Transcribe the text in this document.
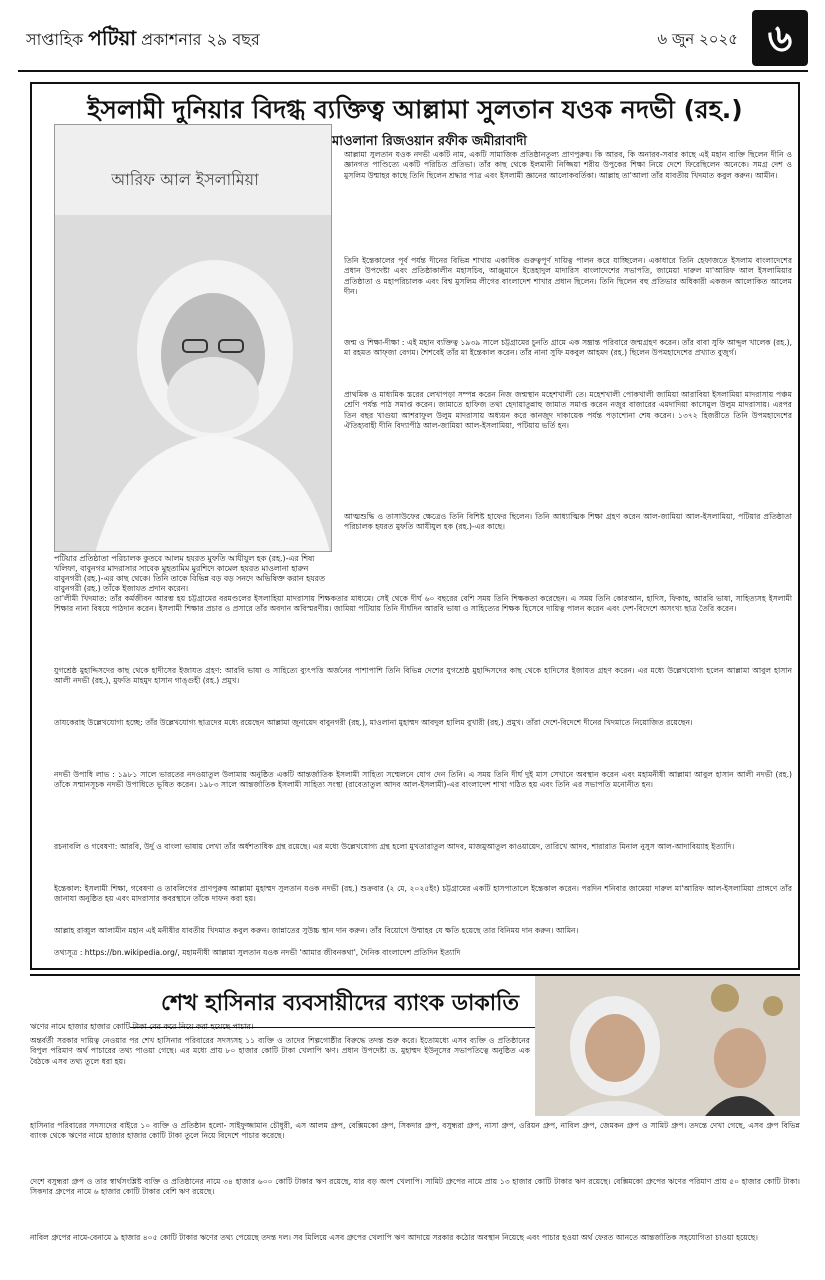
সাপ্তাহিক পটিয়া প্রকাশনার ২৯ বছর	৬ জুন ২০২৫ ৬
ইসলামী দুনিয়ার বিদগ্ধ ব্যক্তিত্ব আল্লামা সুলতান যওক নদভী (রহ.)
আরিফ আল ইসলামিয়া
মাওলানা রিজওয়ান রফীক জমীরাবাদী
আল্লামা সুলতান যওক নদভী একটি নাম, একটি সামাজিক প্রতিষ্ঠানতুল্য প্রাণপুরুষ। কি আরব, কি অনারব-সবার কাছে এই মহান ব্যক্তি ছিলেন দীনি ও জ্ঞানগত পাণ্ডিত্যে একটি পরিচিত প্রতিভা। তাঁর কাছ থেকে ইলমানী নিজ্জিয়া শরীয় উপুকের শিক্ষা নিয়ে দেশে ফিরেছিলেন অনেকে। সমগ্র দেশ ও মুসলিম উম্মাহর কাছে তিনি ছিলেন শ্রদ্ধার পাত্র এবং ইসলামী জ্ঞানের আলোকবর্তিকা। আল্লাহ তা'আলা তাঁর যাবতীয় খিদমাত কবুল করুন। আমীন।
তিনি ইন্তেকালের পূর্ব পর্যন্ত দীনের বিভিন্ন শাখায় একাধিক গুরুত্বপূর্ণ দায়িত্ব পালন করে যাচ্ছিলেন। একাধারে তিনি হেফাজতে ইসলাম বাংলাদেশের প্রধান উপদেষ্টা এবং প্রতিষ্ঠাকালীন মহাসচিব, আঞ্জুমানে ইত্তেহাদুল মাদারিস বাংলাদেশের সভাপতি, জামেয়া দারুল মা'আরিফ আল ইসলামিয়ার প্রতিষ্ঠাতা ও মহাপরিচালক এবং বিশ্ব মুসলিম লীগের বাংলাদেশ শাখার প্রধান ছিলেন। তিনি ছিলেন বহু প্রতিভার অধিকারী একজন আলোকিত আলেম দীন।
জন্ম ও শিক্ষা-দীক্ষা : এই মহান ব্যক্তিত্ব ১৯৩৯ সালে চট্টগ্রামের চুনতি গ্রামে এক সম্ভ্রান্ত পরিবারে জন্মগ্রহণ করেন। তাঁর বাবা সুফি আব্দুল খালেক (রহ.), মা রহমত আফ্‌জা বেগম। শৈশবেই তাঁর মা ইন্তেকাল করেন। তাঁর নানা সুফি মকবুল আহমদ (রহ.) ছিলেন উপমহাদেশের প্রখ্যাত বুজুর্গ।
প্রাথমিক ও মাধ্যমিক স্তরের লেখাপড়া সম্পন্ন করেন নিজ জন্মস্থান মহেশখালী তে। মহেশখালী পোকখালী জামিয়া আরাবিয়া ইসলামিয়া মাদরাসায় পঞ্চম শ্রেণি পর্যন্ত পাঠ সমাপ্ত করেন। জামাতে হাফিজ তথা হেদায়াতুন্নাহু জামাত সমাপ্ত করেন নজুর বাজারের এমদাদিয়া কাসেমুল উলুম মাদরাসায়। এরপর তিন বছর খাগুয়া আশরাফুল উলুম মাদরাসায় অধ্যয়ন করে কানজুদ দাকায়েক পর্যন্ত পড়াশোনা শেষ করেন। ১৩৭২ হিজরীতে তিনি উপমহাদেশের ঐতিহ্যবাহী দীনি বিদ্যাপীঠ আল-জামিয়া আল-ইসলামিয়া, পটিয়ায় ভর্তি হন।
আত্মশুদ্ধি ও তাসাউফের ক্ষেত্রেও তিনি বিশিষ্ট হাফের ছিলেন। তিনি আধ্যাত্মিক শিক্ষা গ্রহণ করেন আল-জামিয়া আল-ইসলামিয়া, পটিয়ার প্রতিষ্ঠাতা পরিচালক হযরত মুফতি আযীযুল হক (রহ.)-এর কাছে।
পটিয়ার প্রতিষ্ঠাতা পরিচালক কুতবে আলম হযরত মুফতি আযীযুল হক (রহ.)-এর শিষ্য খলিফা, বাবুনগর মাদরাসার সাবেক মুহতামিম মুরশিদে কামেল হযরত মাওলানা হারুন বাবুনগরী (রহ.)-এর কাছ থেকে। তিনি তাকে বিভিন্ন বড় বড় সনদে অভিষিক্ত করান হযরত বাবুনগরী (রহ.) তাঁকে ইজাযত প্রদান করেন।
তা'লীমী খিদমাত: তাঁর কর্মজীবন আরম্ভ হয় চট্টগ্রামের বরমণ্ডলের ইসলাহিয়া মাদরাসায় শিক্ষকতার মাধ্যমে। সেই থেকে দীর্ঘ ৬০ বছরের বেশি সময় তিনি শিক্ষকতা করেছেন। এ সময় তিনি কোরআন, হাদিস, ফিকাহ, আরবি ভাষা, সাহিত্যসহ ইসলামী শিক্ষার নানা বিষয়ে পাঠদান করেন। ইসলামী শিক্ষার প্রচার ও প্রসারে তাঁর অবদান অবিস্মরণীয়। জামিয়া পটিয়ায় তিনি দীর্ঘদিন আরবি ভাষা ও সাহিত্যের শিক্ষক হিসেবে দায়িত্ব পালন করেন এবং দেশ-বিদেশে অসংখ্য ছাত্র তৈরি করেন।
যুগশ্রেষ্ঠ মুহাদ্দিসদের কাছ থেকে হাদীসের ইজাযত গ্রহণ: আরবি ভাষা ও সাহিত্যে ব্যুৎপত্তি অর্জনের পাশাপাশি তিনি বিভিন্ন দেশের যুগশ্রেষ্ঠ মুহাদ্দিসদের কাছ থেকে হাদিসের ইজাযত গ্রহণ করেন। এর মধ্যে উল্লেখযোগ্য হলেন আল্লামা আবুল হাসান আলী নদভী (রহ.), মুফতি মাহমুদ হাসান গাঙ্গুহী (রহ.) প্রমুখ।
তাযকেরাহ উল্লেখযোগ্য হচ্ছে: তাঁর উল্লেখযোগ্য ছাত্রদের মধ্যে রয়েছেন আল্লামা জুনায়েদ বাবুনগরী (রহ.), মাওলানা মুহাম্মদ আবদুল হালিম বুখারী (রহ.) প্রমুখ। তাঁরা দেশে-বিদেশে দীনের খিদমাতে নিয়োজিত রয়েছেন।
নদভী উপাধি লাভ : ১৯৮১ সালে ভারতের নদওয়াতুল উলামায় অনুষ্ঠিত একটি আন্তর্জাতিক ইসলামী সাহিত্য সম্মেলনে যোগ দেন তিনি। এ সময় তিনি দীর্ঘ দুই মাস সেখানে অবস্থান করেন এবং মহামনীষী আল্লামা আবুল হাসান আলী নদভী (রহ.) তাঁকে সম্মানসূচক নদভী উপাধিতে ভূষিত করেন। ১৯৮৩ সালে আন্তর্জাতিক ইসলামী সাহিত্য সংস্থা (রাবেতাতুল আদব আল-ইসলামী)-এর বাংলাদেশ শাখা গঠিত হয় এবং তিনি এর সভাপতি মনোনীত হন।
রচনাবলি ও গবেষণা: আরবি, উর্দু ও বাংলা ভাষায় লেখা তাঁর অর্ধশতাধিক গ্রন্থ রয়েছে। এর মধ্যে উল্লেখযোগ্য গ্রন্থ হলো মুখতারাতুল আদব, মাজমুআতুল কাওয়ায়েদ, তারিখে আদব, শারারাত মিনাল নুসুস আল-আদাবিয়্যাহ ইত্যাদি।
ইন্তেকাল: ইসলামী শিক্ষা, গবেষণা ও তাবলিগের প্রাণপুরুষ আল্লামা মুহাম্মদ সুলতান যওক নদভী (রহ.) শুক্রবার (২ মে, ২০২৫ইং) চট্টগ্রামের একটি হাসপাতালে ইন্তেকাল করেন। পরদিন শনিবার জামেয়া দারুল মা'আরিফ আল-ইসলামিয়া প্রাঙ্গণে তাঁর জানাযা অনুষ্ঠিত হয় এবং মাদরাসার কবরস্থানে তাঁকে দাফন করা হয়।
আল্লাহ রাব্বুল আলামীন মহান এই মনীষীর যাবতীয় খিদমাত কবুল করুন। জান্নাতের সুউচ্চ স্থান দান করুন। তাঁর বিয়োগে উম্মাহর যে ক্ষতি হয়েছে তার বিনিময় দান করুন। আমিন।
তথ্যসূত্র : https://bn.wikipedia.org/, মহামনীষী আল্লামা সুলতান যওক নদভী 'আমার জীবনকথা', দৈনিক বাংলাদেশ প্রতিদিন ইত্যাদি
শেখ হাসিনার ব্যবসায়ীদের ব্যাংক ডাকাতি
ঋণের নামে হাজার হাজার কোটি টাকা বের করে নিয়ে করা হয়েছে পাচার।
অন্তর্বর্তী সরকার দায়িত্ব নেওয়ার পর শেখ হাসিনার পরিবারের সদস্যসহ ১১ ব্যক্তি ও তাদের শিল্পগোষ্ঠীর বিরুদ্ধে তদন্ত শুরু করে। ইতোমধ্যে এসব ব্যক্তি ও প্রতিষ্ঠানের বিপুল পরিমাণ অর্থ পাচারের তথ্য পাওয়া গেছে। এর মধ্যে প্রায় ৮০ হাজার কোটি টাকা খেলাপি ঋণ। প্রধান উপদেষ্টা ড. মুহাম্মদ ইউনূসের সভাপতিত্বে অনুষ্ঠিত এক বৈঠকে এসব তথ্য তুলে ধরা হয়।
হাসিনার পরিবারের সদস্যদের বাইরে ১০ ব্যক্তি ও প্রতিষ্ঠান হলো- সাইফুজ্জামান চৌধুরী, এস আলম গ্রুপ, বেক্সিমকো গ্রুপ, সিকদার গ্রুপ, বসুন্ধরা গ্রুপ, নাসা গ্রুপ, ওরিয়ন গ্রুপ, নাবিল গ্রুপ, জেমকন গ্রুপ ও সামিট গ্রুপ। তদন্তে দেখা গেছে, এসব গ্রুপ বিভিন্ন ব্যাংক থেকে ঋণের নামে হাজার হাজার কোটি টাকা তুলে নিয়ে বিদেশে পাচার করেছে।
দেশে বসুন্ধরা গ্রুপ ও তার স্বার্থসংশ্লিষ্ট ব্যক্তি ও প্রতিষ্ঠানের নামে ৩৪ হাজার ৬০০ কোটি টাকার ঋণ রয়েছে, যার বড় অংশ খেলাপি। সামিট গ্রুপের নামে প্রায় ১৩ হাজার কোটি টাকার ঋণ রয়েছে। বেক্সিমকো গ্রুপের ঋণের পরিমাণ প্রায় ৫০ হাজার কোটি টাকা। সিকদার গ্রুপের নামে ৬ হাজার কোটি টাকার বেশি ঋণ রয়েছে।
নাবিল গ্রুপের নামে-বেনামে ৯ হাজার ৪০৫ কোটি টাকার ঋণের তথ্য পেয়েছে তদন্ত দল। সব মিলিয়ে এসব গ্রুপের খেলাপি ঋণ আদায়ে সরকার কঠোর অবস্থান নিয়েছে এবং পাচার হওয়া অর্থ ফেরত আনতে আন্তর্জাতিক সহযোগিতা চাওয়া হয়েছে।
